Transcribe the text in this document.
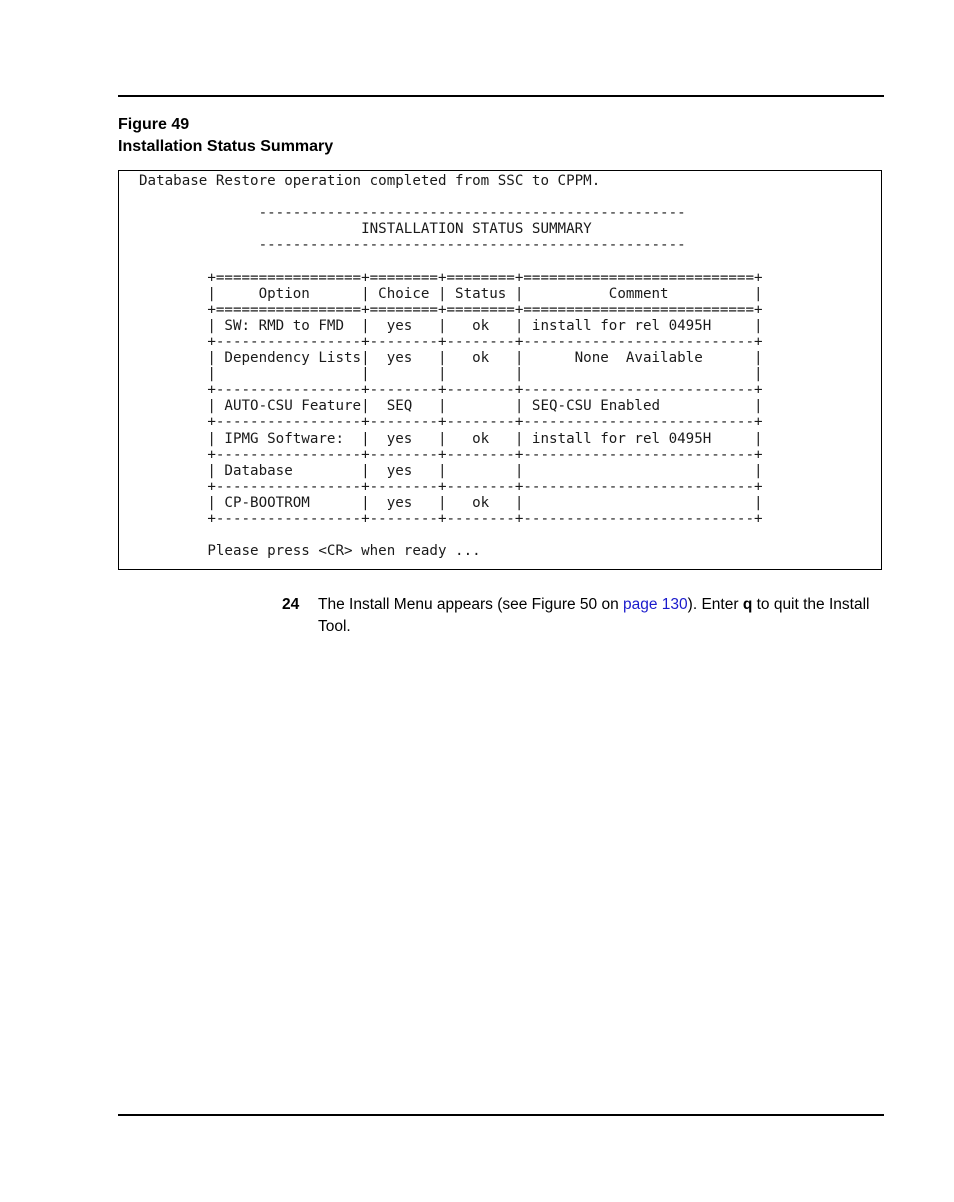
Figure 49
Installation Status Summary
Database Restore operation completed from SSC to CPPM.

--------------------------------------------------
INSTALLATION STATUS SUMMARY
--------------------------------------------------

+=================+========+========+===========================+
|     Option      | Choice | Status |          Comment          |
+=================+========+========+===========================+
| SW: RMD to FMD  |  yes   |   ok   | install for rel 0495H     |
+-----------------+--------+--------+---------------------------+
| Dependency Lists|  yes   |   ok   |      None  Available      |
|                 |        |        |                           |
+-----------------+--------+--------+---------------------------+
| AUTO-CSU Feature|  SEQ   |        | SEQ-CSU Enabled           |
+-----------------+--------+--------+---------------------------+
| IPMG Software:  |  yes   |   ok   | install for rel 0495H     |
+-----------------+--------+--------+---------------------------+
| Database        |  yes   |        |                           |
+-----------------+--------+--------+---------------------------+
| CP-BOOTROM      |  yes   |   ok   |                           |
+-----------------+--------+--------+---------------------------+

Please press <CR> when ready ...
24 The Install Menu appears (see Figure 50 on page 130). Enter q to quit the Install Tool.
